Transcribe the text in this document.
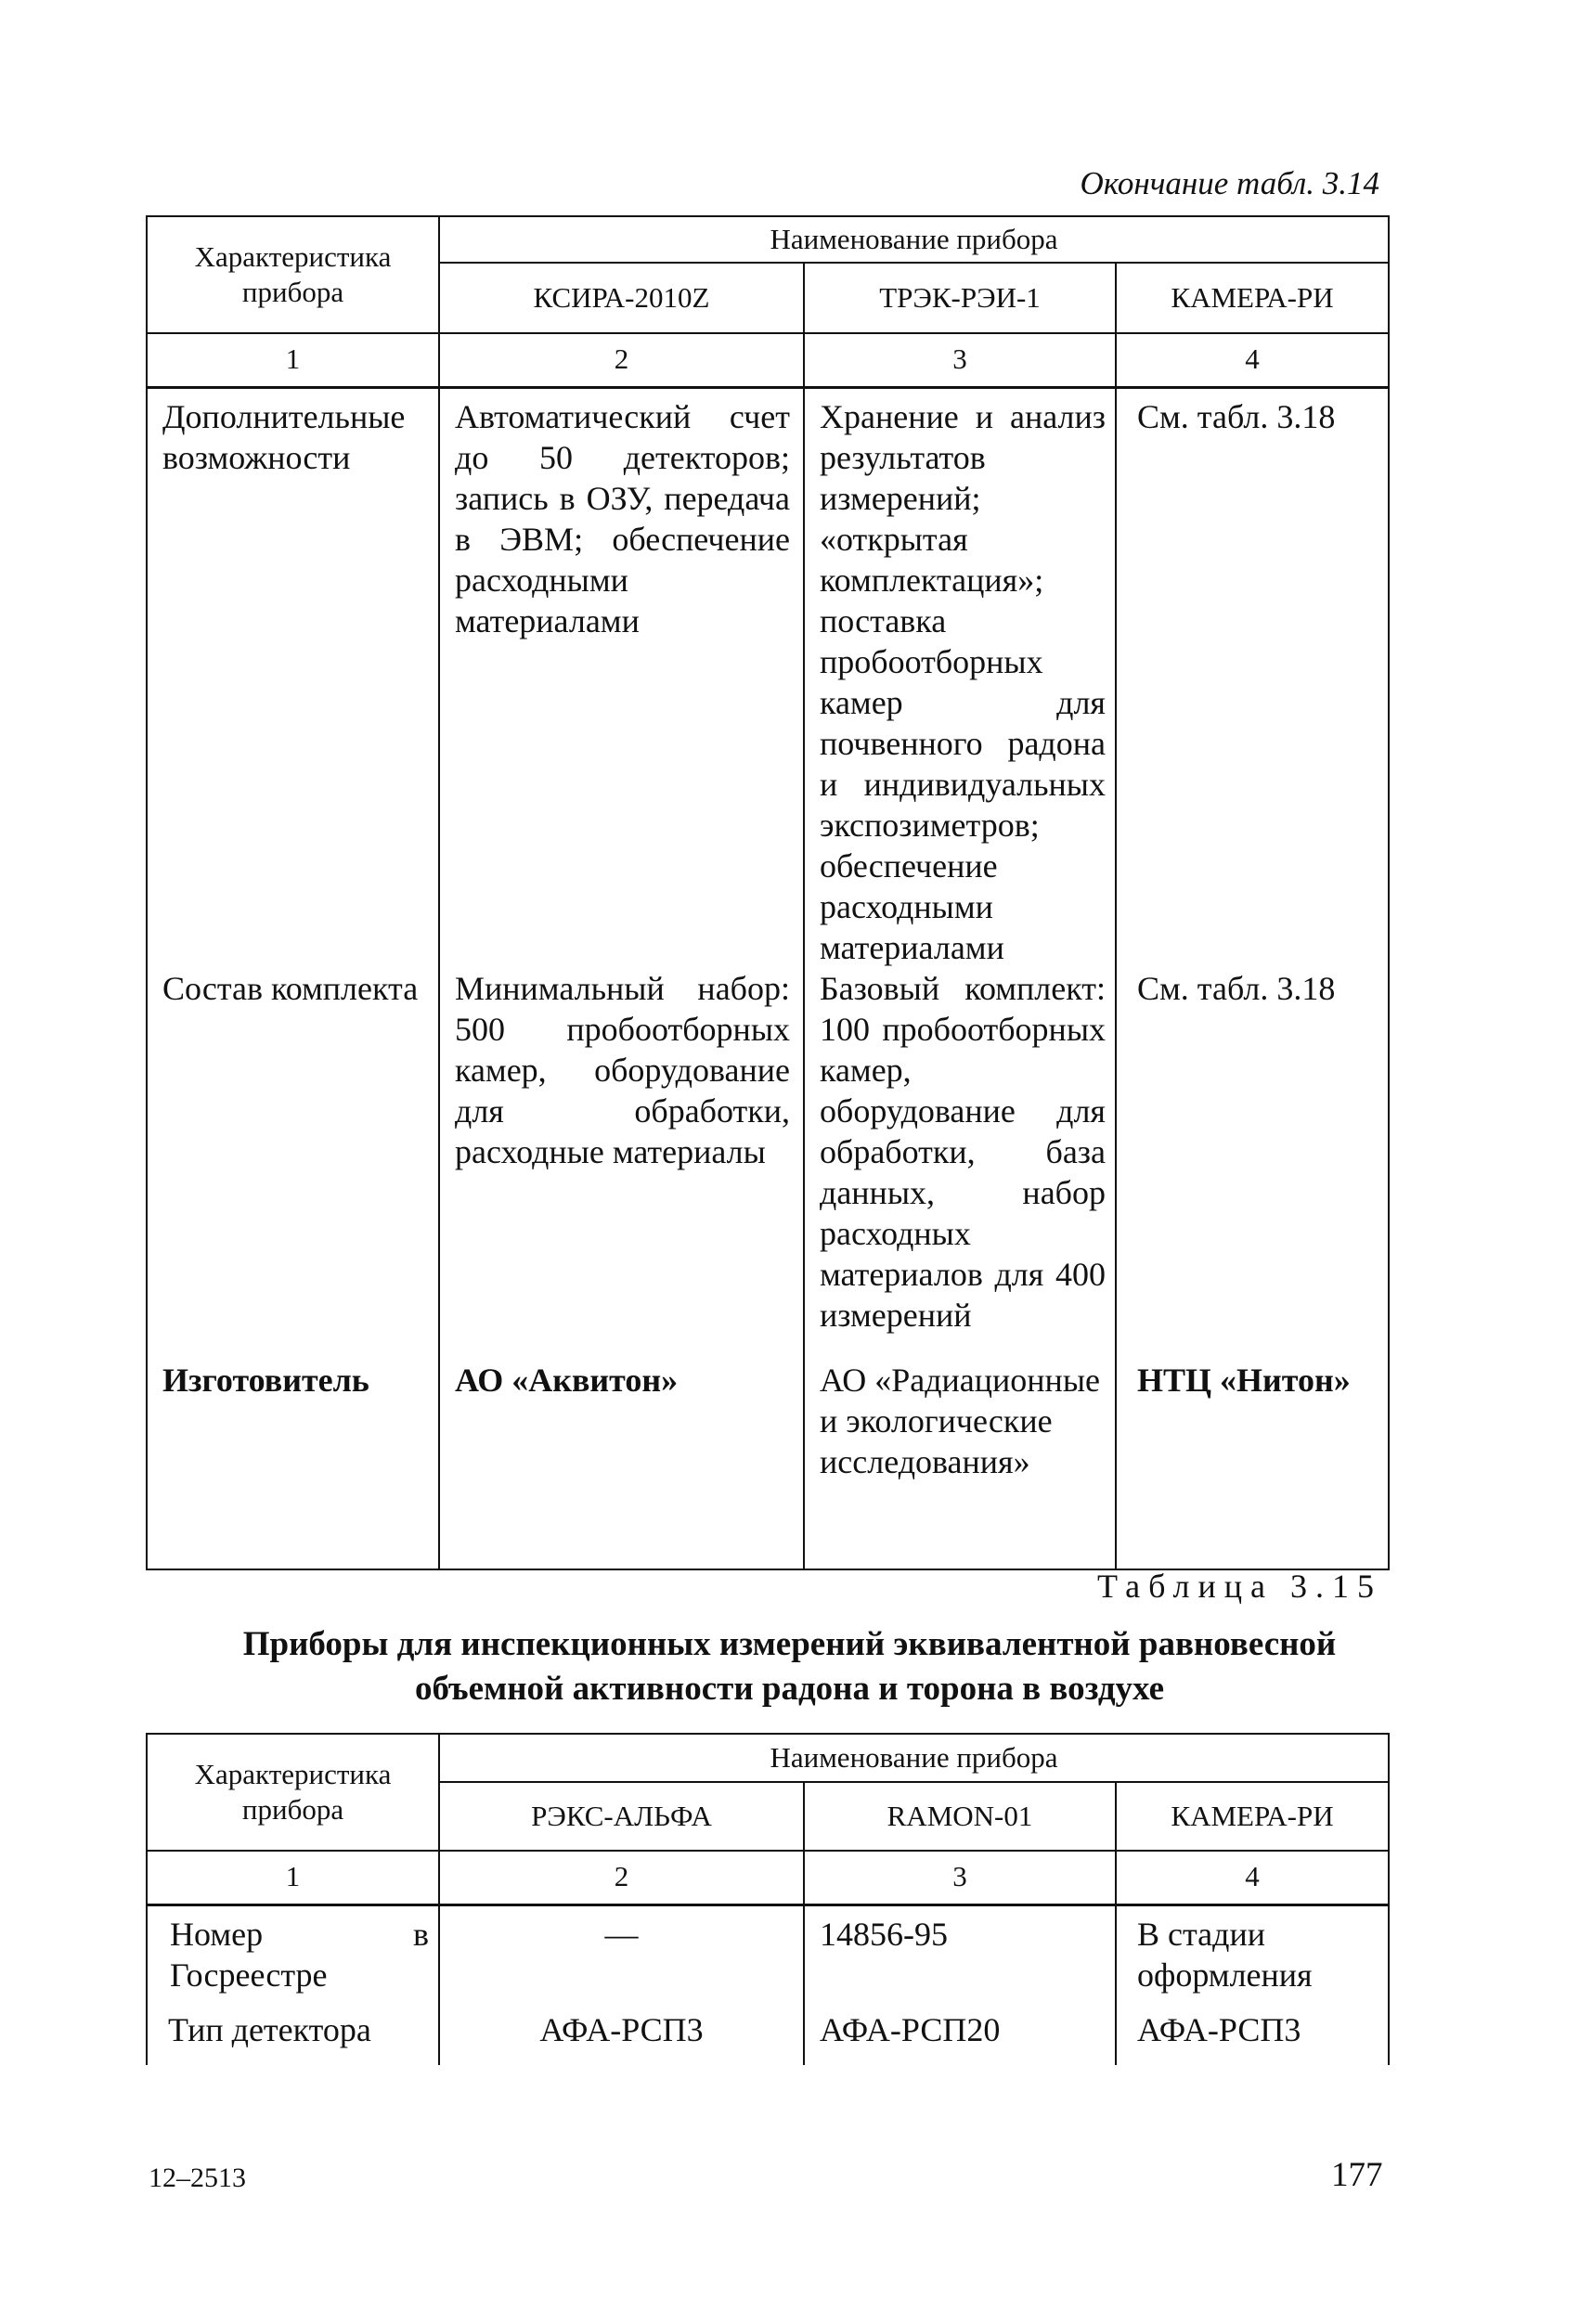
Окончание табл. 3.14
Характеристика прибора	Наименование прибора		
	КСИРА-2010Z	ТРЭК-РЭИ-1	КАМЕРА-РИ
1	2	3	4
Дополнительные возможности	Автоматический счет до 50 детекторов; запись в ОЗУ, передача в ЭВМ; обеспечение расходными материалами	Хранение и анализ результатов измерений; «открытая комплектация»; поставка пробоотборных камер для почвенного радона и индивидуальных экспозиметров; обеспечение расходными материалами	См. табл. 3.18
Состав комплекта	Минимальный набор: 500 пробоотборных камер, оборудование для обработки, расходные материалы	Базовый комплект: 100 пробоотборных камер, оборудование для обработки, база данных, набор расходных материалов для 400 измерений	См. табл. 3.18
Изготовитель	АО «Аквитон»	АО «Радиационные и экологические исследования»	НТЦ «Нитон»
Таблица 3.15
Приборы для инспекционных измерений эквивалентной равновесной
объемной активности радона и торона в воздухе
Характеристика прибора	Наименование прибора		
	РЭКС-АЛЬФА	RAMON-01	КАМЕРА-РИ
1	2	3	4
Номер в Госреестре	—	14856-95	В стадии оформления
Тип детектора	АФА-РСП3	АФА-РСП20	АФА-РСП3
12–2513	177
